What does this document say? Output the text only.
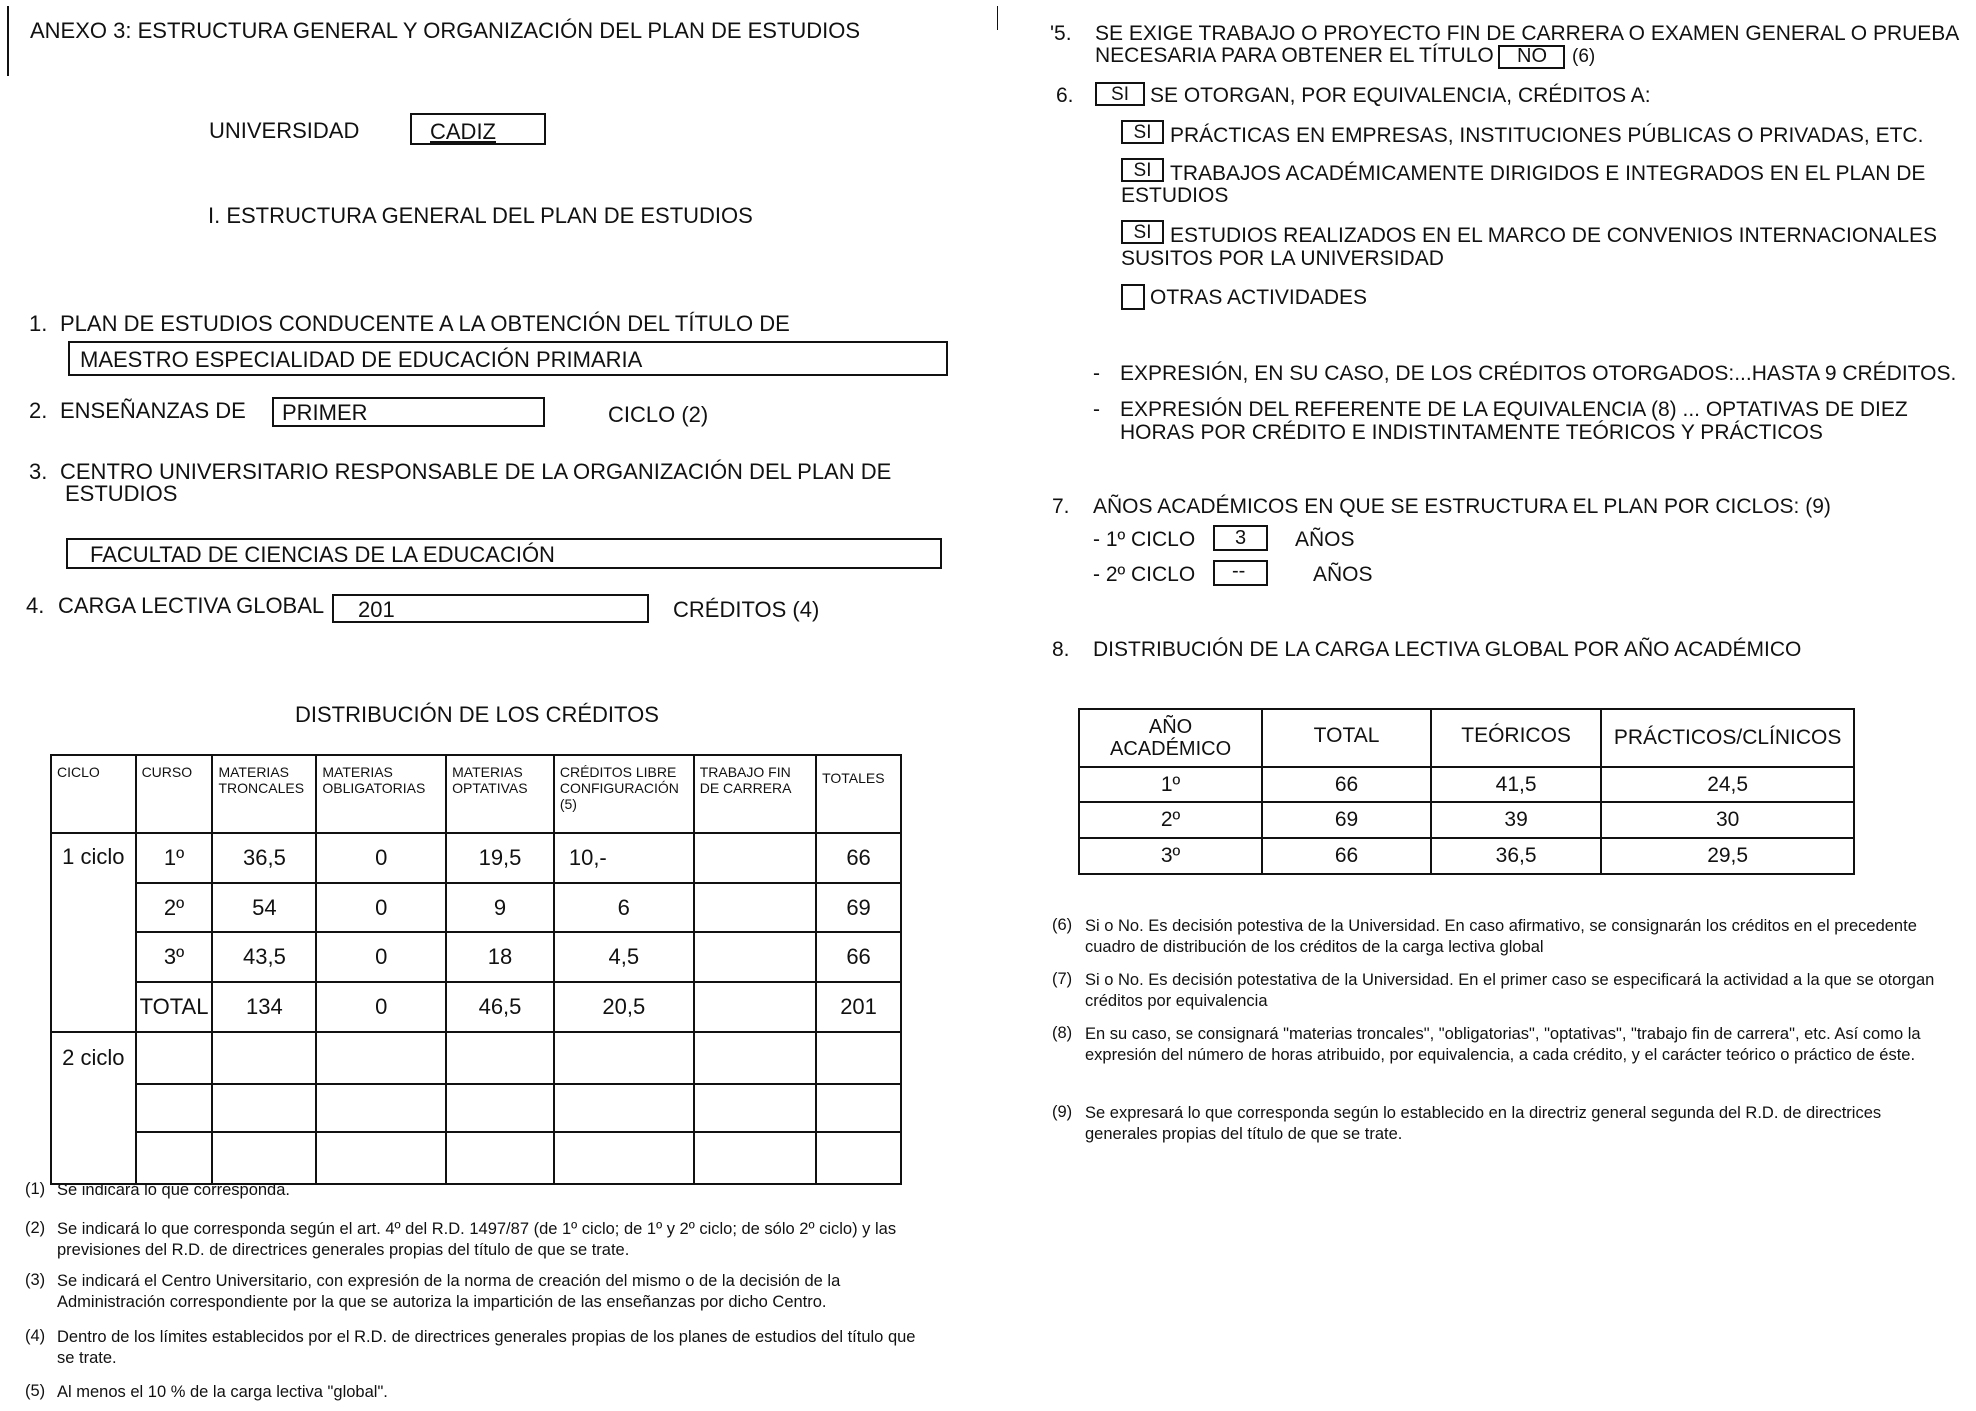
ANEXO 3: ESTRUCTURA GENERAL Y ORGANIZACIÓN DEL PLAN DE ESTUDIOS
UNIVERSIDAD	CADIZ
I. ESTRUCTURA GENERAL DEL PLAN DE ESTUDIOS
1. PLAN DE ESTUDIOS CONDUCENTE A LA OBTENCIÓN DEL TÍTULO DE
MAESTRO ESPECIALIDAD DE EDUCACIÓN PRIMARIA
2. ENSEÑANZAS DE PRIMER	CICLO (2)
3. CENTRO UNIVERSITARIO RESPONSABLE DE LA ORGANIZACIÓN DEL PLAN DE
ESTUDIOS
FACULTAD DE CIENCIAS DE LA EDUCACIÓN
4. CARGA LECTIVA GLOBAL 201	CRÉDITOS (4)
DISTRIBUCIÓN DE LOS CRÉDITOS
CICLO	CURSO	MATERIAS TRONCALES	MATERIAS OBLIGATORIAS	MATERIAS OPTATIVAS	CRÉDITOS LIBRE CONFIGURACIÓN (5)	TRABAJO FIN DE CARRERA	TOTALES
1 ciclo	1º	36,5	0	19,5	10,-		66
	2º	54	0	9	6		69
	3º	43,5	0	18	4,5		66
	TOTAL	134	0	46,5	20,5		201
2 ciclo							

(1) Se indicará lo que corresponda.
(2) Se indicará lo que corresponda según el art. 4º del R.D. 1497/87 (de 1º ciclo; de 1º y 2º ciclo; de sólo 2º ciclo) y las previsiones del R.D. de directrices generales propias del título de que se trate.
(3) Se indicará el Centro Universitario, con expresión de la norma de creación del mismo o de la decisión de la Administración correspondiente por la que se autoriza la impartición de las enseñanzas por dicho Centro.
(4) Dentro de los límites establecidos por el R.D. de directrices generales propias de los planes de estudios del título que se trate.
(5) Al menos el 10 % de la carga lectiva "global".
'5. SE EXIGE TRABAJO O PROYECTO FIN DE CARRERA O EXAMEN GENERAL O PRUEBA
NECESARIA PARA OBTENER EL TÍTULO NO (6)
6.	SI	SE OTORGAN, POR EQUIVALENCIA, CRÉDITOS A:
SI PRÁCTICAS EN EMPRESAS, INSTITUCIONES PÚBLICAS O PRIVADAS, ETC.
SI TRABAJOS ACADÉMICAMENTE DIRIGIDOS E INTEGRADOS EN EL PLAN DE
ESTUDIOS
SI ESTUDIOS REALIZADOS EN EL MARCO DE CONVENIOS INTERNACIONALES
SUSITOS POR LA UNIVERSIDAD
OTRAS ACTIVIDADES
- EXPRESIÓN, EN SU CASO, DE LOS CRÉDITOS OTORGADOS:...HASTA 9 CRÉDITOS.
- EXPRESIÓN DEL REFERENTE DE LA EQUIVALENCIA (8) ... OPTATIVAS DE DIEZ
HORAS POR CRÉDITO E INDISTINTAMENTE TEÓRICOS Y PRÁCTICOS
7. AÑOS ACADÉMICOS EN QUE SE ESTRUCTURA EL PLAN POR CICLOS: (9)
- 1º CICLO 3 AÑOS
- 2º CICLO --	AÑOS
8. DISTRIBUCIÓN DE LA CARGA LECTIVA GLOBAL POR AÑO ACADÉMICO
AÑO ACADÉMICO	TOTAL	TEÓRICOS	PRÁCTICOS/CLÍNICOS
1º	66	41,5	24,5
2º	69	39	30
3º	66	36,5	29,5
(6) Si o No. Es decisión potestiva de la Universidad. En caso afirmativo, se consignarán los créditos en el precedente cuadro de distribución de los créditos de la carga lectiva global
(7) Si o No. Es decisión potestativa de la Universidad. En el primer caso se especificará la actividad a la que se otorgan créditos por equivalencia
(8) En su caso, se consignará "materias troncales", "obligatorias", "optativas", "trabajo fin de carrera", etc. Así como la expresión del número de horas atribuido, por equivalencia, a cada crédito, y el carácter teórico o práctico de éste.
(9) Se expresará lo que corresponda según lo establecido en la directriz general segunda del R.D. de directrices generales propias del título de que se trate.
